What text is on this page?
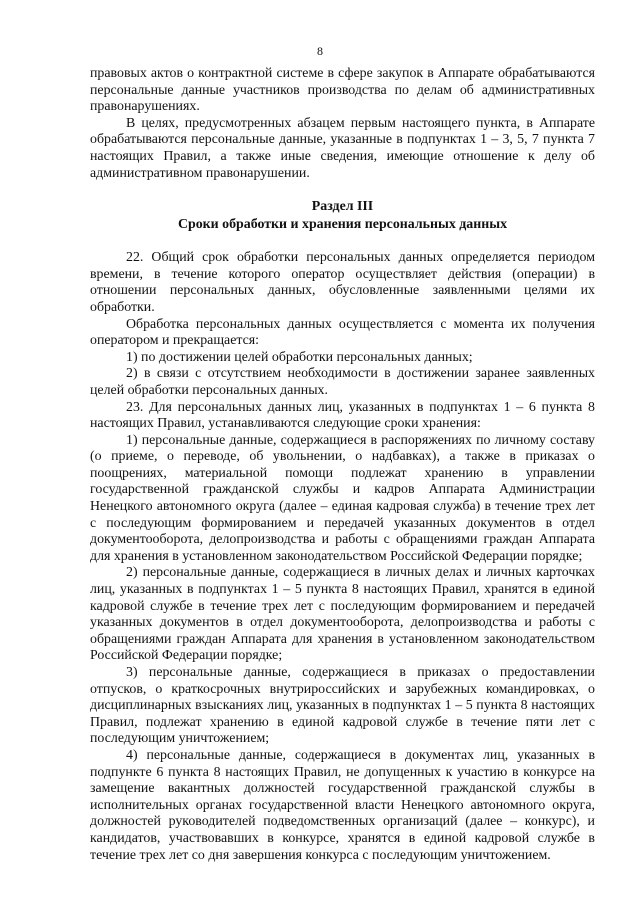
8

правовых актов о контрактной системе в сфере закупок в Аппарате обрабатываются персональные данные участников производства по делам об административных правонарушениях.

В целях, предусмотренных абзацем первым настоящего пункта, в Аппарате обрабатываются персональные данные, указанные в подпунктах 1 – 3, 5, 7 пункта 7 настоящих Правил, а также иные сведения, имеющие отношение к делу об административном правонарушении.

Раздел III
Сроки обработки и хранения персональных данных

22. Общий срок обработки персональных данных определяется периодом времени, в течение которого оператор осуществляет действия (операции) в отношении персональных данных, обусловленные заявленными целями их обработки.

Обработка персональных данных осуществляется с момента их получения оператором и прекращается:

1) по достижении целей обработки персональных данных;

2) в связи с отсутствием необходимости в достижении заранее заявленных целей обработки персональных данных.

23. Для персональных данных лиц, указанных в подпунктах 1 – 6 пункта 8 настоящих Правил, устанавливаются следующие сроки хранения:

1) персональные данные, содержащиеся в распоряжениях по личному составу (о приеме, о переводе, об увольнении, о надбавках), а также в приказах о поощрениях, материальной помощи подлежат хранению в управлении государственной гражданской службы и кадров Аппарата Администрации Ненецкого автономного округа (далее – единая кадровая служба) в течение трех лет с последующим формированием и передачей указанных документов в отдел документооборота, делопроизводства и работы с обращениями граждан Аппарата для хранения в установленном законодательством Российской Федерации порядке;

2) персональные данные, содержащиеся в личных делах и личных карточках лиц, указанных в подпунктах 1 – 5 пункта 8 настоящих Правил, хранятся в единой кадровой службе в течение трех лет с последующим формированием и передачей указанных документов в отдел документооборота, делопроизводства и работы с обращениями граждан Аппарата для хранения в установленном законодательством Российской Федерации порядке;

3) персональные данные, содержащиеся в приказах о предоставлении отпусков, о краткосрочных внутрироссийских и зарубежных командировках, о дисциплинарных взысканиях лиц, указанных в подпунктах 1 – 5 пункта 8 настоящих Правил, подлежат хранению в единой кадровой службе в течение пяти лет с последующим уничтожением;

4) персональные данные, содержащиеся в документах лиц, указанных в подпункте 6 пункта 8 настоящих Правил, не допущенных к участию в конкурсе на замещение вакантных должностей государственной гражданской службы в исполнительных органах государственной власти Ненецкого автономного округа, должностей руководителей подведомственных организаций (далее – конкурс), и кандидатов, участвовавших в конкурсе, хранятся в единой кадровой службе в течение трех лет со дня завершения конкурса с последующим уничтожением.
